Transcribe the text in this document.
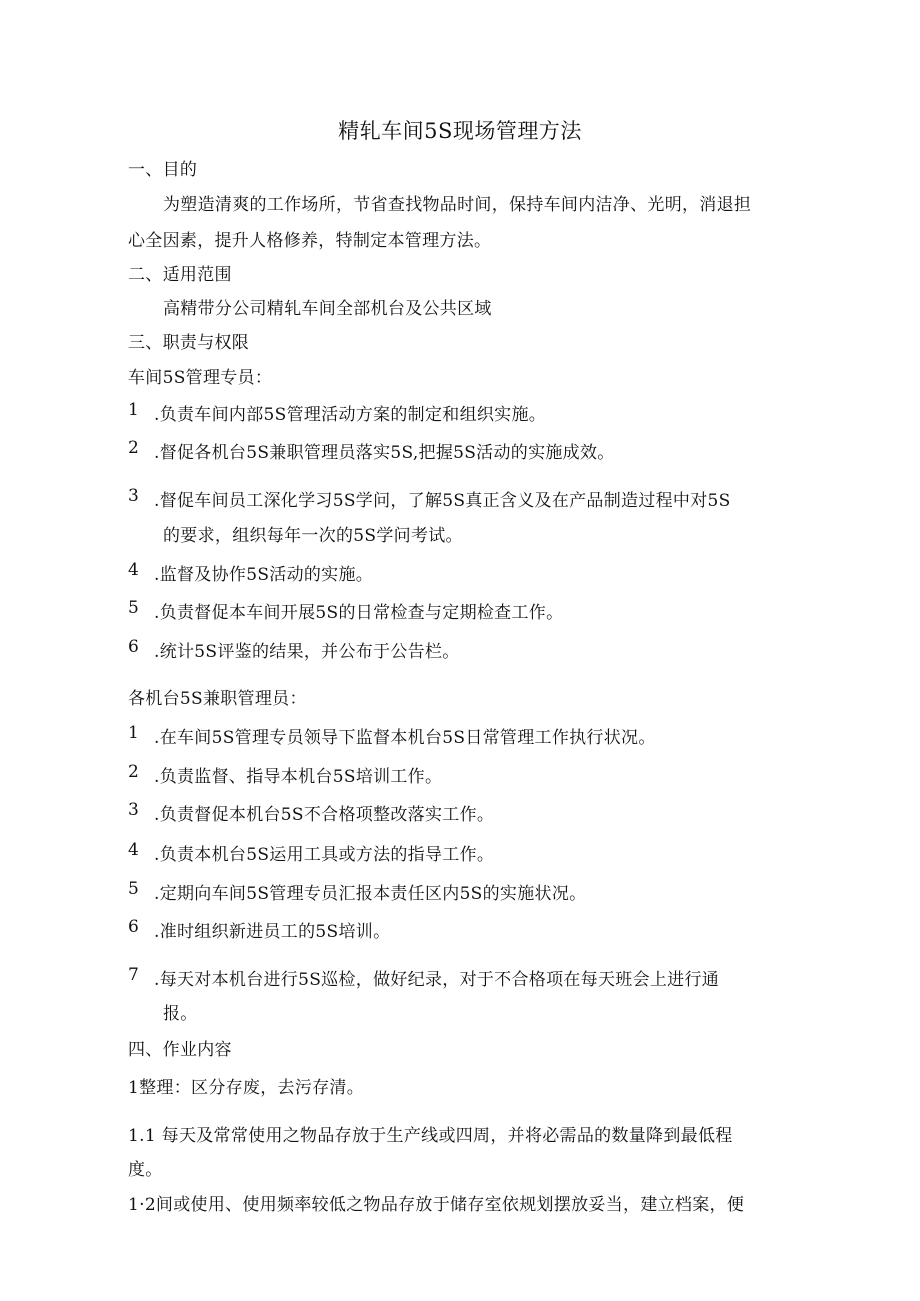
精轧车间5S现场管理方法
一、目的
为塑造清爽的工作场所，节省查找物品时间，保持车间内洁净、光明，消退担
心全因素，提升人格修养，特制定本管理方法。
二、适用范围
高精带分公司精轧车间全部机台及公共区域
三、职责与权限
车间5S管理专员：
1 .负责车间内部5S管理活动方案的制定和组织实施。
2 .督促各机台5S兼职管理员落实5S,把握5S活动的实施成效。
3 .督促车间员工深化学习5S学问，了解5S真正含义及在产品制造过程中对5S
的要求，组织每年一次的5S学问考试。
4 .监督及协作5S活动的实施。
5 .负责督促本车间开展5S的日常检查与定期检查工作。
6 .统计5S评鉴的结果，并公布于公告栏。
各机台5S兼职管理员：
1 .在车间5S管理专员领导下监督本机台5S日常管理工作执行状况。
2 .负责监督、指导本机台5S培训工作。
3 .负责督促本机台5S不合格项整改落实工作。
4 .负责本机台5S运用工具或方法的指导工作。
5 .定期向车间5S管理专员汇报本责任区内5S的实施状况。
6 .准时组织新进员工的5S培训。
7 .每天对本机台进行5S巡检，做好纪录，对于不合格项在每天班会上进行通
报。
四、作业内容
1整理：区分存废，去污存清。
1.1 每天及常常使用之物品存放于生产线或四周，并将必需品的数量降到最低程
度。
1·2间或使用、使用频率较低之物品存放于储存室依规划摆放妥当，建立档案，便
